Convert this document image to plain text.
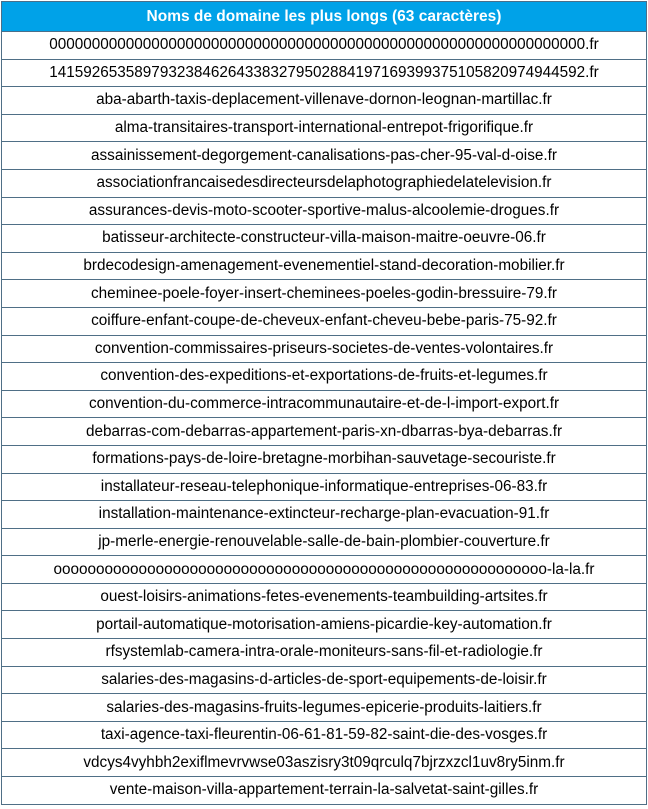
Noms de domaine les plus longs (63 caractères)
000000000000000000000000000000000000000000000000000000000000000.fr
141592653589793238462643383279502884197169399375105820974944592.fr
aba-abarth-taxis-deplacement-villenave-dornon-leognan-martillac.fr
alma-transitaires-transport-international-entrepot-frigorifique.fr
assainissement-degorgement-canalisations-pas-cher-95-val-d-oise.fr
associationfrancaisedesdirecteursdelaphotographiedelatelevision.fr
assurances-devis-moto-scooter-sportive-malus-alcoolemie-drogues.fr
batisseur-architecte-constructeur-villa-maison-maitre-oeuvre-06.fr
brdecodesign-amenagement-evenementiel-stand-decoration-mobilier.fr
cheminee-poele-foyer-insert-cheminees-poeles-godin-bressuire-79.fr
coiffure-enfant-coupe-de-cheveux-enfant-cheveu-bebe-paris-75-92.fr
convention-commissaires-priseurs-societes-de-ventes-volontaires.fr
convention-des-expeditions-et-exportations-de-fruits-et-legumes.fr
convention-du-commerce-intracommunautaire-et-de-l-import-export.fr
debarras-com-debarras-appartement-paris-xn-dbarras-bya-debarras.fr
formations-pays-de-loire-bretagne-morbihan-sauvetage-secouriste.fr
installateur-reseau-telephonique-informatique-entreprises-06-83.fr
installation-maintenance-extincteur-recharge-plan-evacuation-91.fr
jp-merle-energie-renouvelable-salle-de-bain-plombier-couverture.fr
oooooooooooooooooooooooooooooooooooooooooooooooooooooooooo-la-la.fr
ouest-loisirs-animations-fetes-evenements-teambuilding-artsites.fr
portail-automatique-motorisation-amiens-picardie-key-automation.fr
rfsystemlab-camera-intra-orale-moniteurs-sans-fil-et-radiologie.fr
salaries-des-magasins-d-articles-de-sport-equipements-de-loisir.fr
salaries-des-magasins-fruits-legumes-epicerie-produits-laitiers.fr
taxi-agence-taxi-fleurentin-06-61-81-59-82-saint-die-des-vosges.fr
vdcys4vyhbh2exiflmevrvwse03aszisry3t09qrculq7bjrzxzcl1uv8ry5inm.fr
vente-maison-villa-appartement-terrain-la-salvetat-saint-gilles.fr
